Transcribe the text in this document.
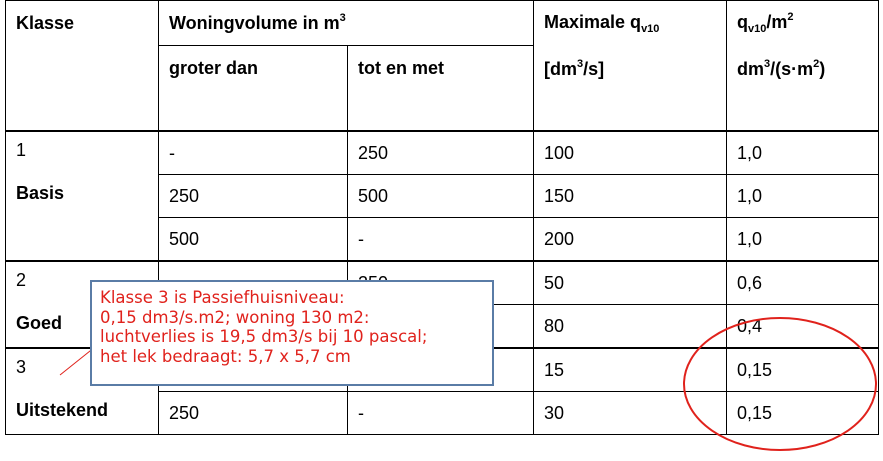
Klasse	Woningvolume in $m^3$		Maximale $q_{v10}$	$q_{v10}/m^2$
	groter dan	tot en met	$[dm^3/s]$	$dm^3/(s\cdot m^2)$

1
Basis	-	250	100	1,0
	250	500	150	1,0
	500	-	200	1,0

2
Goed			50	0,6
			80	0,4

3
Uitstekend			15	0,15
	250	-	30	0,15
Klasse 3 is Passiefhuisniveau:
0,15 dm3/s.m2; woning 130 m2:
luchtverlies is 19,5 dm3/s bij 10 pascal;
het lek bedraagt: 5,7 x 5,7 cm
